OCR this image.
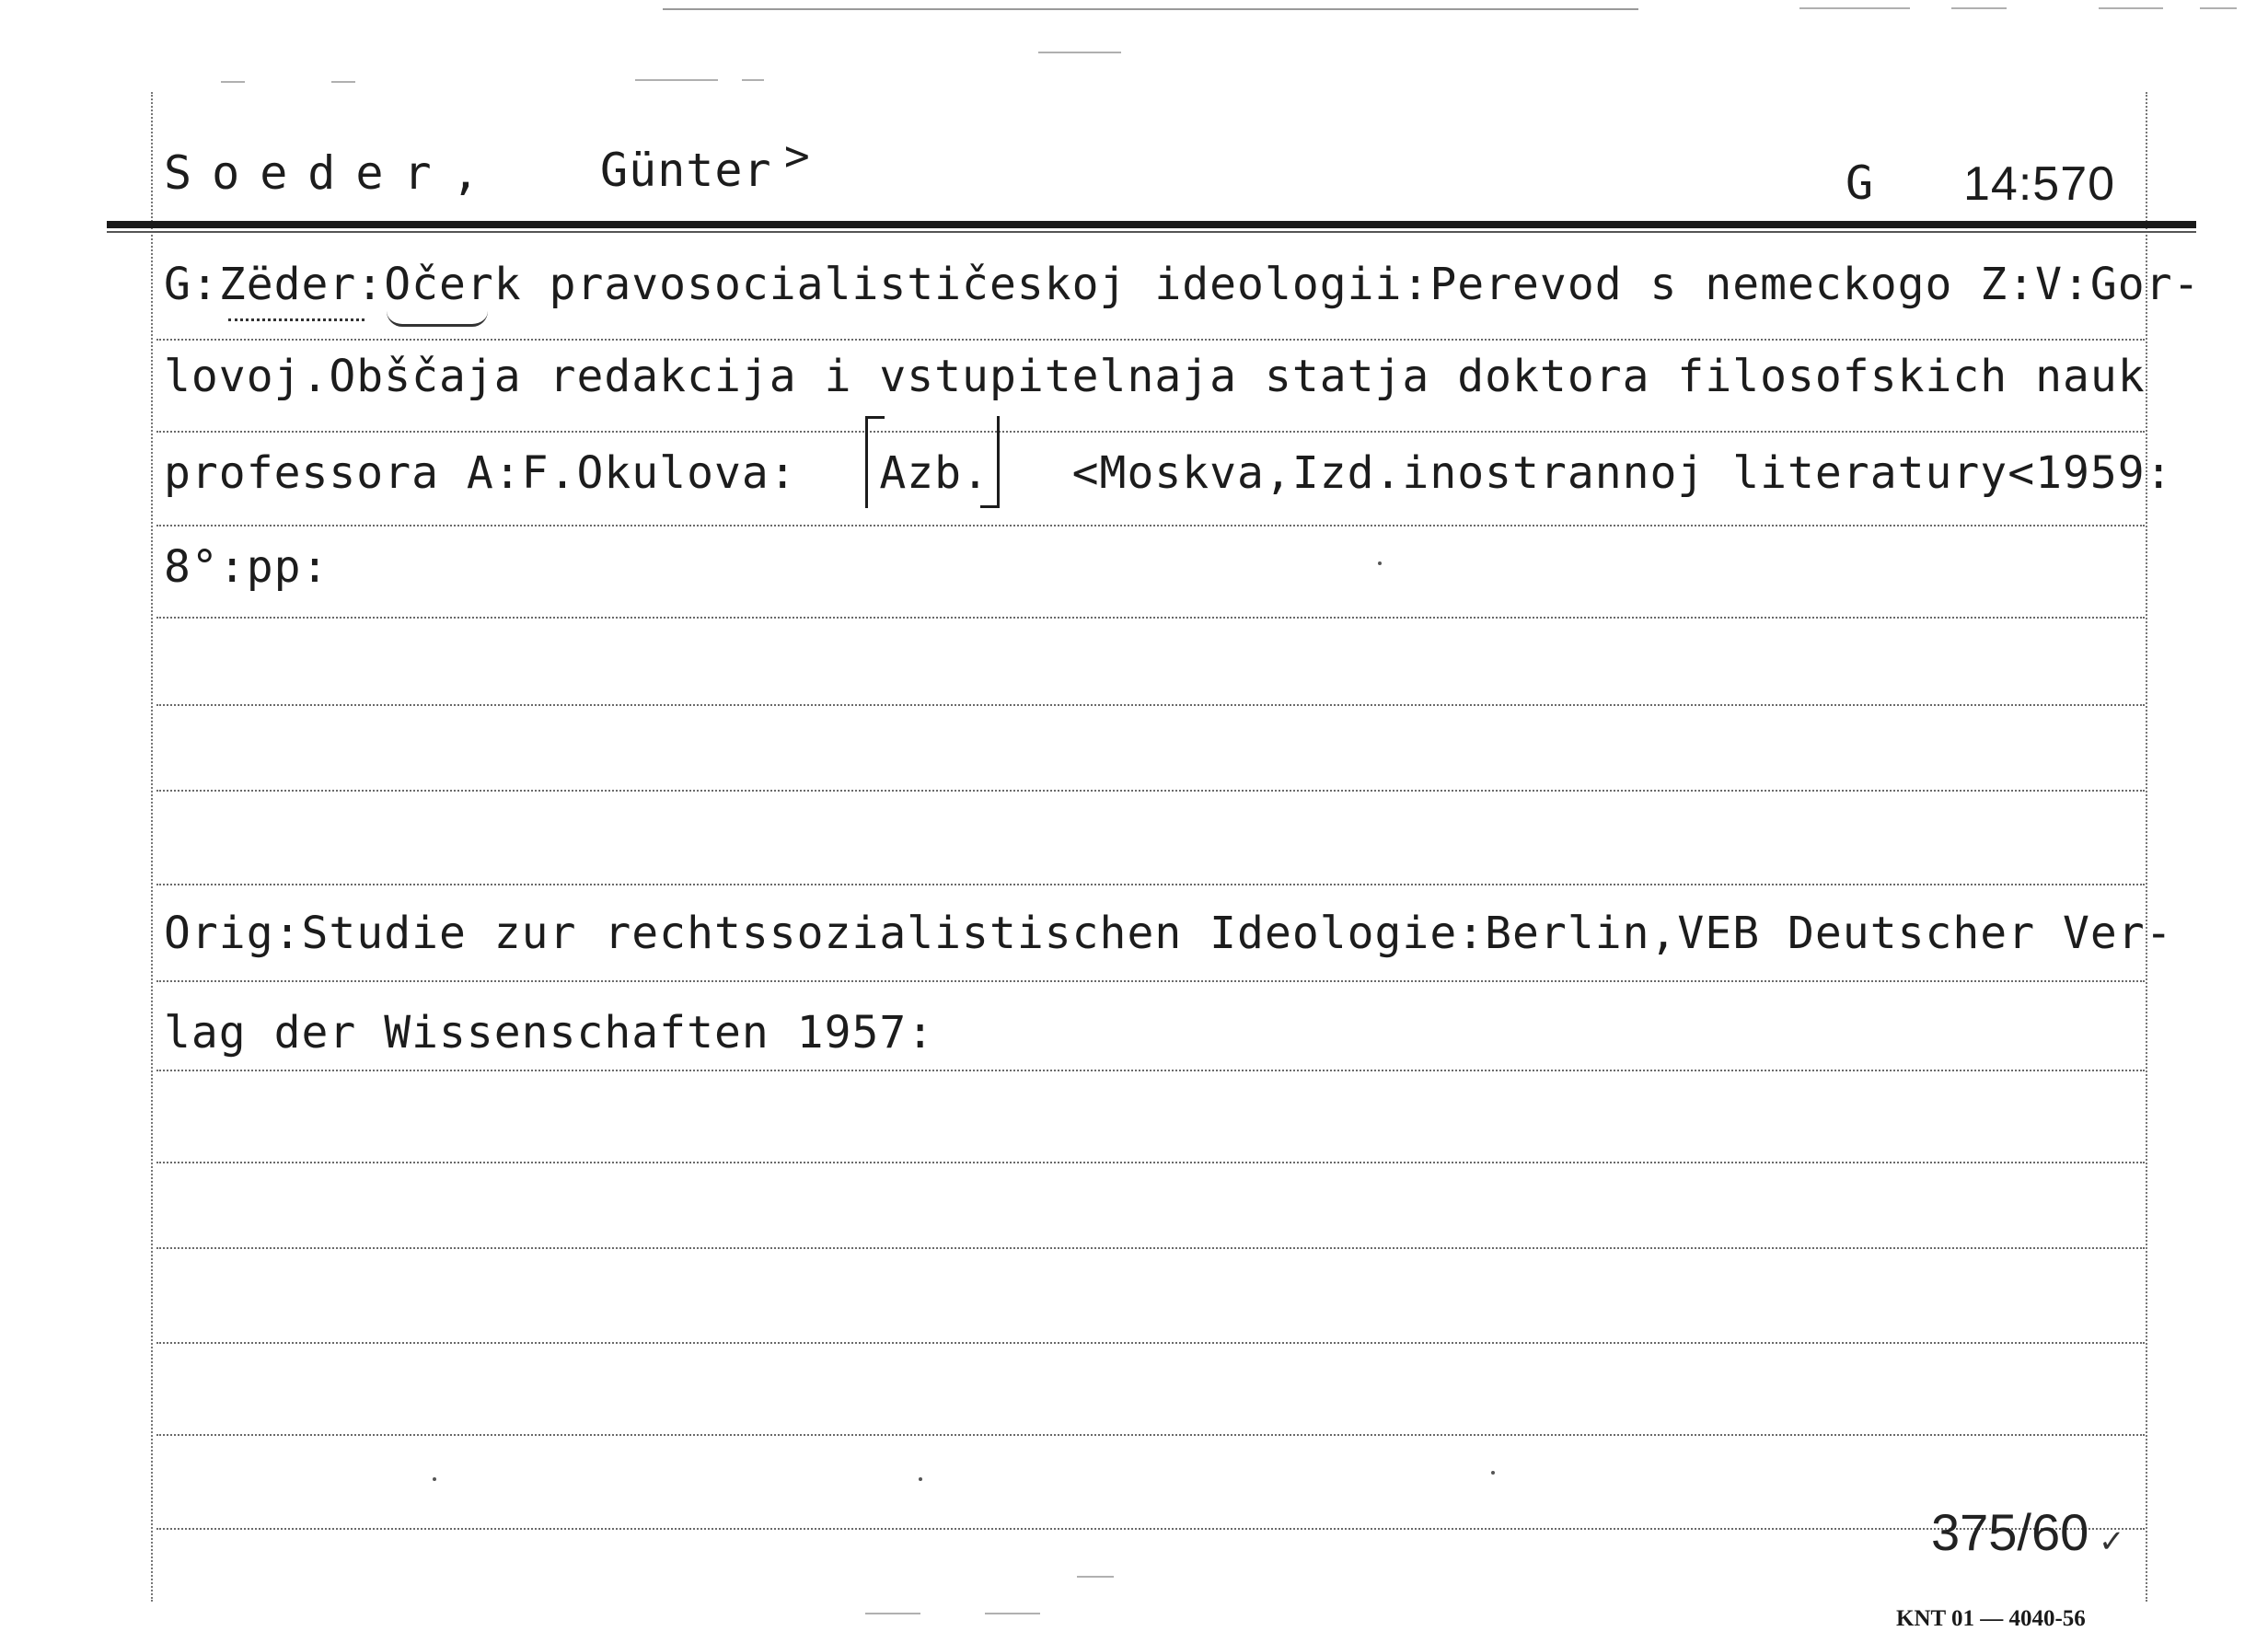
Soeder, Günter >
G 14:570
G:Zëder:Očerk pravosocialističeskoj ideologii:Perevod s nemeckogo Z:V:Gor-
lovoj.Obščaja redakcija i vstupitelnaja statja doktora filosofskich nauk
professora A:F.Okulova:   Azb.   <Moskva,Izd.inostrannoj literatury<1959:
8°:pp:
Orig:Studie zur rechtssozialistischen Ideologie:Berlin,VEB Deutscher Ver-
lag der Wissenschaften 1957:
375/60 ✓
KNT 01 — 4040-56
